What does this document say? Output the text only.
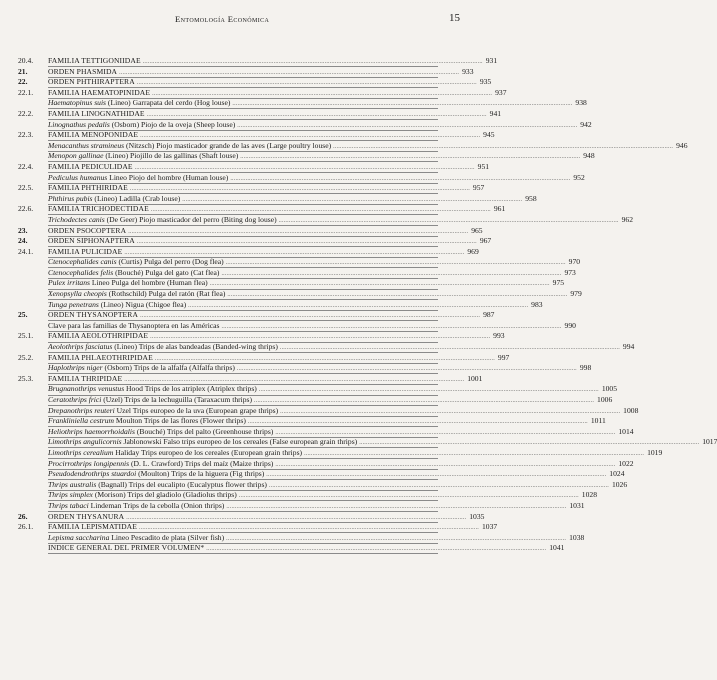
Entomología Económica	15
20.4.	FAMILIA TETTIGONIIDAE ........................................................................................................................................................................................................ 931
21.	ORDEN PHASMIDA ........................................................................................................................................................................................................ 933
22.	ORDEN PHTHIRAPTERA ........................................................................................................................................................................................................ 935
22.1.	FAMILIA HAEMATOPINIDAE ........................................................................................................................................................................................................ 937
Haematopinus suis (Lineo) Garrapata del cerdo (Hog louse) ........................................................................................................................................................................................................ 938
22.2.	FAMILIA LINOGNATHIDAE ........................................................................................................................................................................................................ 941
Linognathus pedalis (Osborn) Piojo de la oveja (Sheep louse) ........................................................................................................................................................................................................ 942
22.3.	FAMILIA MENOPONIDAE ........................................................................................................................................................................................................ 945
Menacanthus stramineus (Nitzsch) Piojo masticador grande de las aves (Large poultry louse) ........................................................................................................................................................................................................ 946
Menopon gallinae (Lineo) Piojillo de las gallinas (Shaft louse) ........................................................................................................................................................................................................ 948
22.4.	FAMILIA PEDICULIDAE ........................................................................................................................................................................................................ 951
Pediculus humanus Lineo Piojo del hombre (Human louse) ........................................................................................................................................................................................................ 952
22.5.	FAMILIA PHTHIRIDAE ........................................................................................................................................................................................................ 957
Phthirus pubis (Lineo) Ladilla (Crab louse) ........................................................................................................................................................................................................ 958
22.6.	FAMILIA TRICHODECTIDAE ........................................................................................................................................................................................................ 961
Trichodectes canis (De Geer) Piojo masticador del perro (Biting dog louse) ........................................................................................................................................................................................................ 962
23.	ORDEN PSOCOPTERA ........................................................................................................................................................................................................ 965
24.	ORDEN SIPHONAPTERA ........................................................................................................................................................................................................ 967
24.1.	FAMILIA PULICIDAE ........................................................................................................................................................................................................ 969
Ctenocephalides canis (Curtis) Pulga del perro (Dog flea) ........................................................................................................................................................................................................ 970
Ctenocephalides felis (Bouché) Pulga del gato (Cat flea) ........................................................................................................................................................................................................ 973
Pulex irritans Lineo Pulga del hombre (Human flea) ........................................................................................................................................................................................................ 975
Xenopsylla cheopis (Rothschild) Pulga del ratón (Rat flea) ........................................................................................................................................................................................................ 979
Tunga penetrans (Lineo) Nigua (Chigoe flea) ........................................................................................................................................................................................................ 983
25.	ORDEN THYSANOPTERA ........................................................................................................................................................................................................ 987
Clave para las familias de Thysanoptera en las Américas ........................................................................................................................................................................................................ 990
25.1.	FAMILIA AEOLOTHRIPIDAE ........................................................................................................................................................................................................ 993
Aeolothrips fasciatus (Lineo) Trips de alas bandeadas (Banded-wing thrips) ........................................................................................................................................................................................................ 994
25.2.	FAMILIA PHLAEOTHRIPIDAE ........................................................................................................................................................................................................ 997
Haplothrips niger (Osborn) Trips de la alfalfa (Alfalfa thrips) ........................................................................................................................................................................................................ 998
25.3.	FAMILIA THRIPIDAE ........................................................................................................................................................................................................ 1001
Brugnanothrips venustus Hood Trips de los atriplex (Atriplex thrips) ........................................................................................................................................................................................................ 1005
Ceratothrips frici (Uzel) Trips de la lechuguilla (Taraxacum thrips) ........................................................................................................................................................................................................ 1006
Drepanothrips reuteri Uzel Trips europeo de la uva (European grape thrips) ........................................................................................................................................................................................................ 1008
Frankliniella cestrum Moulton Trips de las flores (Flower thrips) ........................................................................................................................................................................................................ 1011
Heliothrips haemorrhoidalis (Bouché) Trips del palto (Greenhouse thrips) ........................................................................................................................................................................................................ 1014
Limothrips angulicornis Jablonowski Falso trips europeo de los cereales (False european grain thrips) ........................................................................................................................................................................................................ 1017
Limothrips cerealium Haliday Trips europeo de los cereales (European grain thrips) ........................................................................................................................................................................................................ 1019
Procirrothrips longipennis (D. L. Crawford) Trips del maíz (Maize thrips) ........................................................................................................................................................................................................ 1022
Pseudodendrothrips stuardoi (Moulton) Trips de la higuera (Fig thrips) ........................................................................................................................................................................................................ 1024
Thrips australis (Bagnall) Trips del eucalipto (Eucalyptus flower thrips) ........................................................................................................................................................................................................ 1026
Thrips simplex (Morison) Trips del gladiolo (Gladiolus thrips) ........................................................................................................................................................................................................ 1028
Thrips tabaci Lindeman Trips de la cebolla (Onion thrips) ........................................................................................................................................................................................................ 1031
26.	ORDEN THYSANURA ........................................................................................................................................................................................................ 1035
26.1.	FAMILIA LEPISMATIDAE ........................................................................................................................................................................................................ 1037
Lepisma saccharina Lineo Pescadito de plata (Silver fish) ........................................................................................................................................................................................................ 1038
INDICE GENERAL DEL PRIMER VOLUMEN* ........................................................................................................................................................................................................ 1041
